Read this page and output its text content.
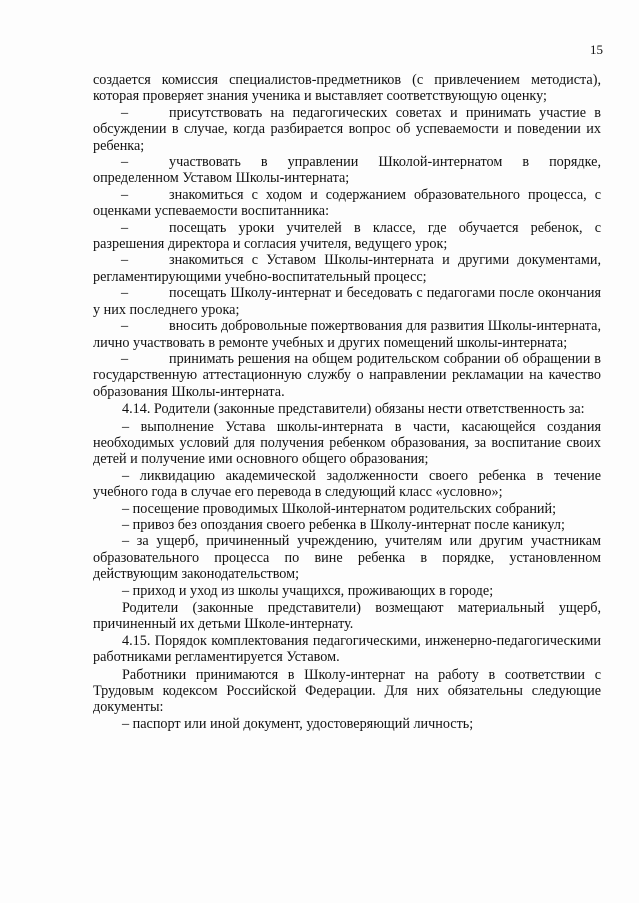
15

создается комиссия специалистов-предметников (с привлечением методиста), которая проверяет знания ученика и выставляет соответствующую оценку;

–	присутствовать на педагогических советах и принимать участие в обсуждении в случае, когда разбирается вопрос об успеваемости и поведении их ребенка;

–	участвовать в управлении Школой-интернатом в порядке, определенном Уставом Школы-интерната;

–	знакомиться с ходом и содержанием образовательного процесса, с оценками успеваемости воспитанника:

–	посещать уроки учителей в классе, где обучается ребенок, с разрешения директора и согласия учителя, ведущего урок;

–	знакомиться с Уставом Школы-интерната и другими документами, регламентирующими учебно-воспитательный процесс;

–	посещать Школу-интернат и беседовать с педагогами после окончания у них последнего урока;

–	вносить добровольные пожертвования для развития Школы-интерната, лично участвовать в ремонте учебных и других помещений школы-интерната;

–	принимать решения на общем родительском собрании об обращении в государственную аттестационную службу о направлении рекламации на качество образования Школы-интерната.

4.14. Родители (законные представители) обязаны нести ответственность за:

– выполнение Устава школы-интерната в части, касающейся создания необходимых условий для получения ребенком образования, за воспитание своих детей и получение ими основного общего образования;

– ликвидацию академической задолженности своего ребенка в течение учебного года в случае его перевода в следующий класс «условно»;

– посещение проводимых Школой-интернатом родительских собраний;

– привоз без опоздания своего ребенка в Школу-интернат после каникул;

– за ущерб, причиненный учреждению, учителям или другим участникам образовательного процесса по вине ребенка в порядке, установленном действующим законодательством;

– приход и уход из школы учащихся, проживающих в городе;

Родители (законные представители) возмещают материальный ущерб, причиненный их детьми Школе-интернату.

4.15. Порядок комплектования педагогическими, инженерно-педагогическими работниками регламентируется Уставом.

Работники принимаются в Школу-интернат на работу в соответствии с Трудовым кодексом Российской Федерации. Для них обязательны следующие документы:

– паспорт или иной документ, удостоверяющий личность;
